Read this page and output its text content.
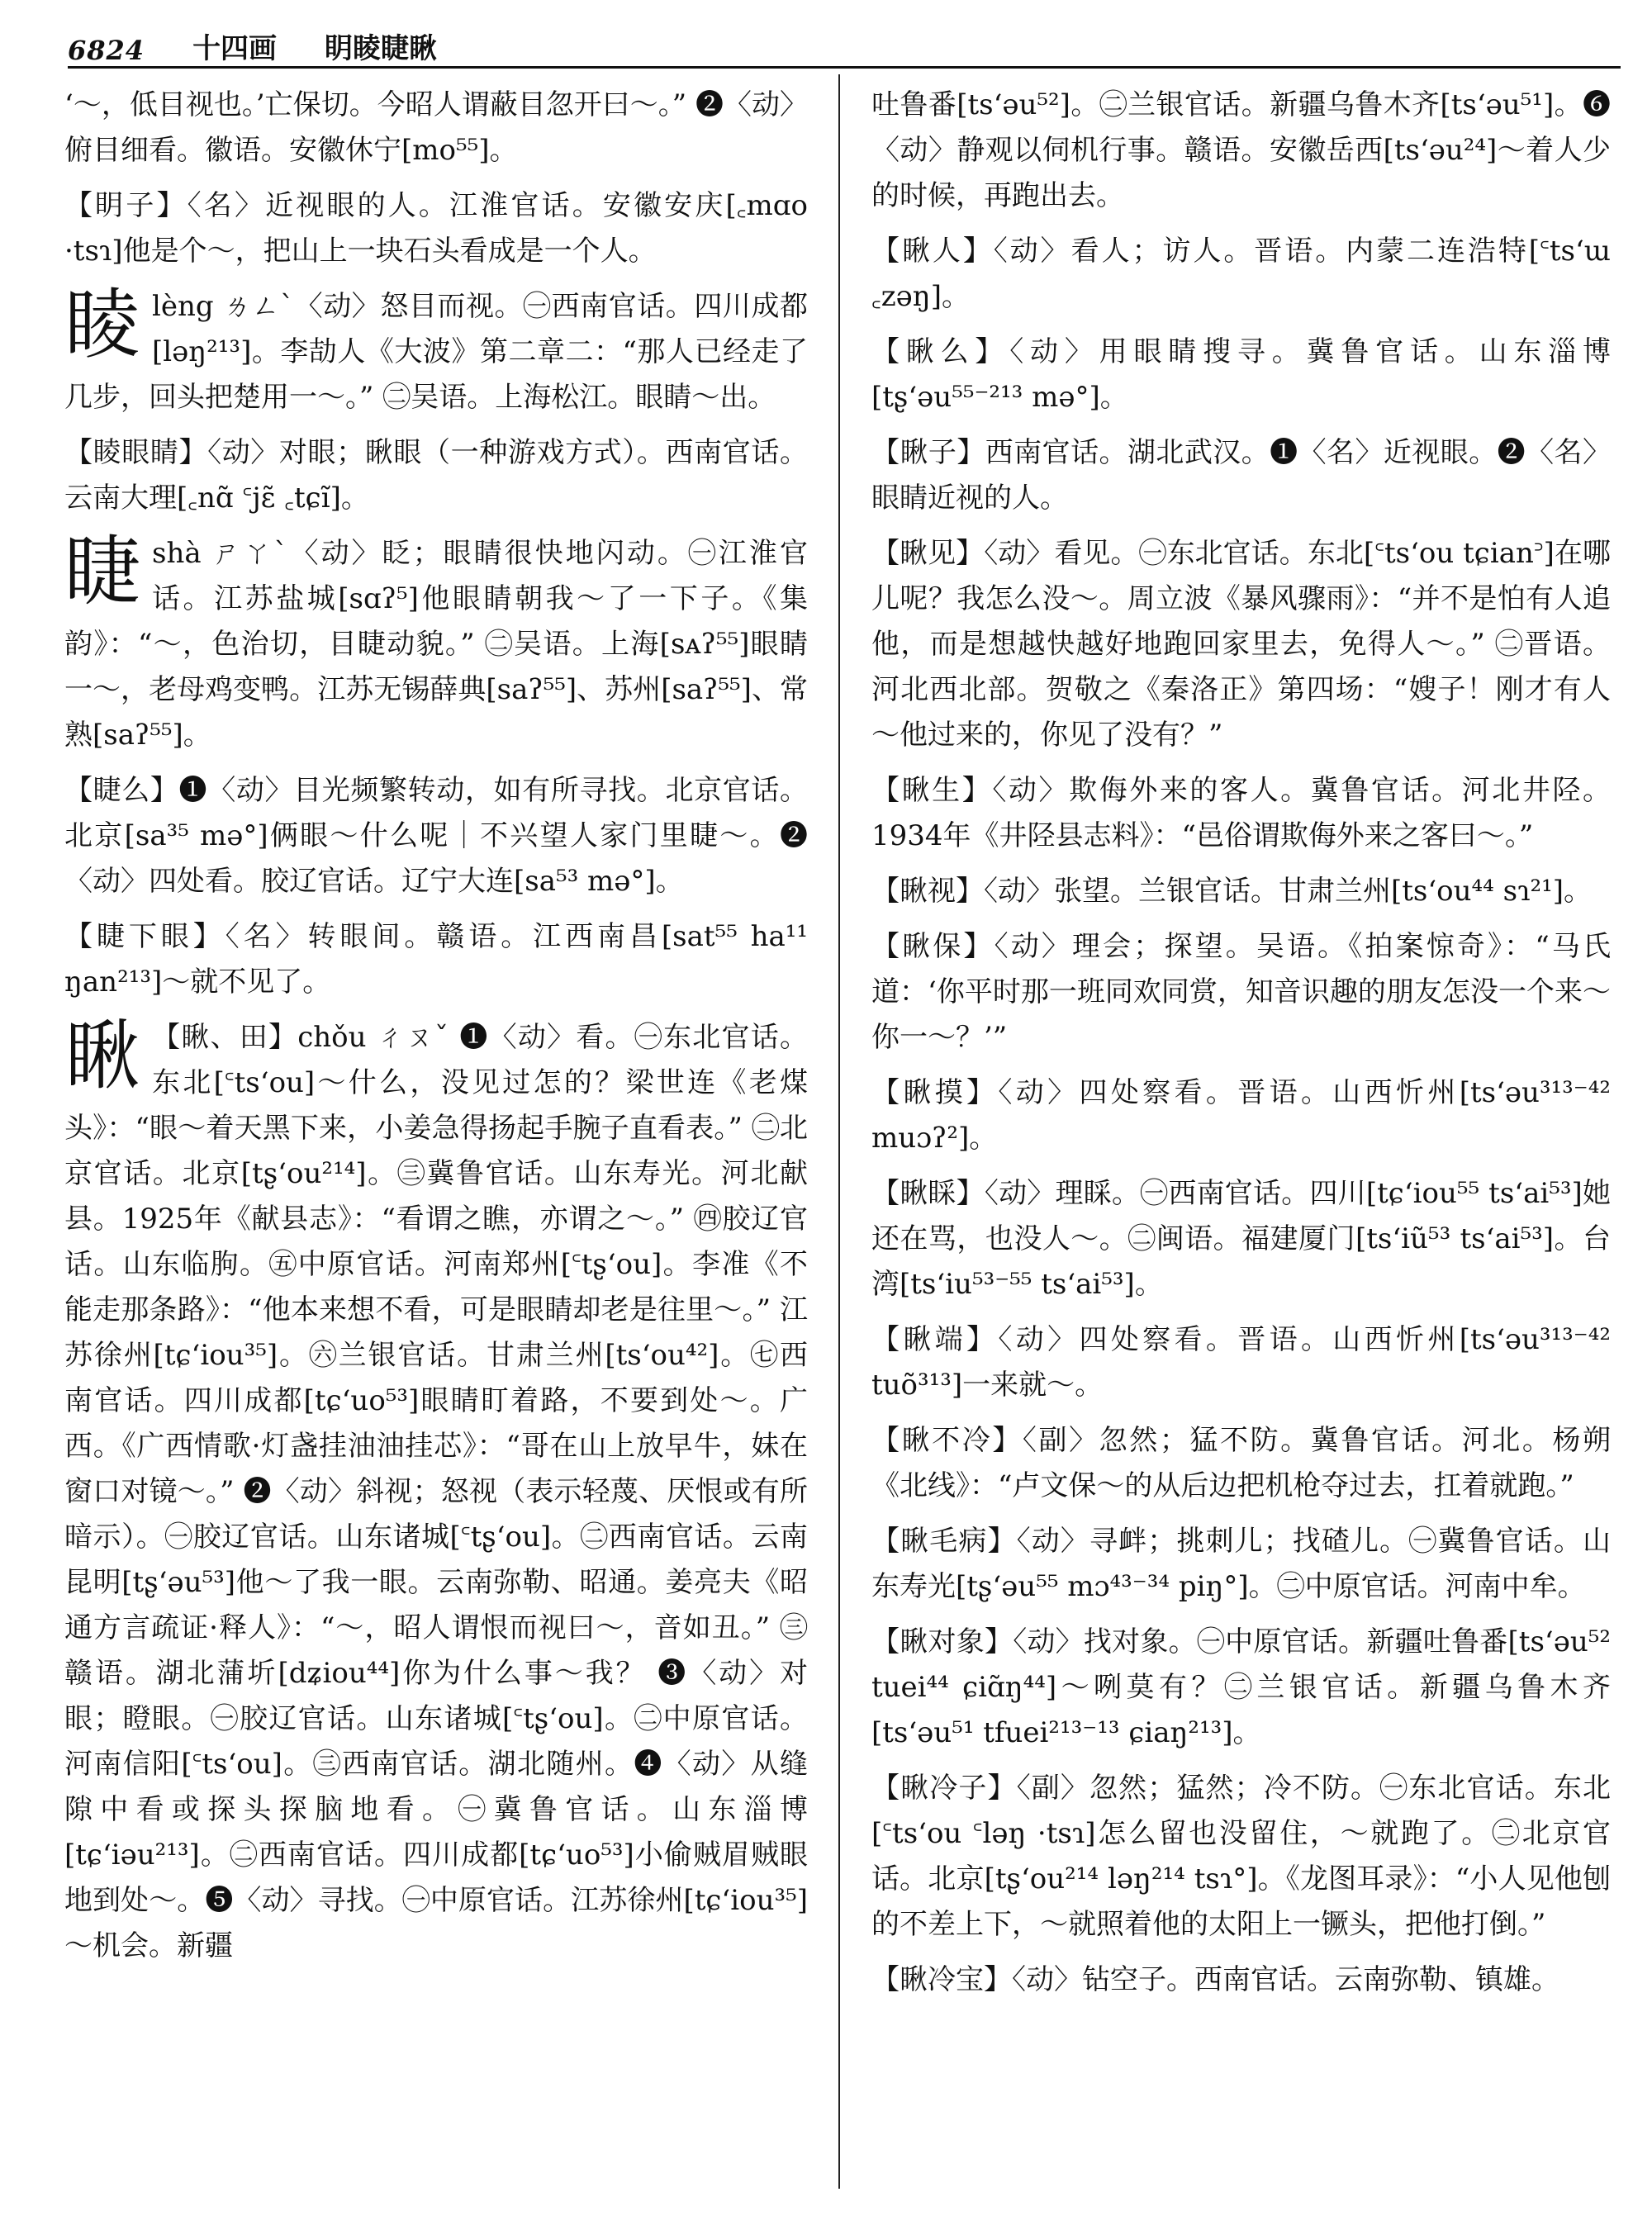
6824 十四画 眀睖睫瞅
‘～，低目视也。’亡保切。今昭人谓蔽目忽开曰～。” ❷〈动〉俯目细看。徽语。安徽休宁[mo⁵⁵]。
【眀子】〈名〉近视眼的人。江淮官话。安徽安庆[꜀mɑo ·tsɿ]他是个～，把山上一块石头看成是一个人。
睖lèng ㄌㄥˋ〈动〉怒目而视。㊀西南官话。四川成都[ləŋ²¹³]。李劼人《大波》第二章二：“那人已经走了几步，回头把楚用一～。” ㊁吴语。上海松江。眼睛～出。
【睖眼睛】〈动〉对眼；瞅眼（一种游戏方式）。西南官话。云南大理[꜀nɑ̃ ꜂jɛ̃ ꜀tɕĩ]。
睫shà ㄕㄚˋ〈动〉眨；眼睛很快地闪动。㊀江淮官话。江苏盐城[sɑʔ⁵]他眼睛朝我～了一下子。《集韵》：“～，色治切，目睫动貌。” ㊁吴语。上海[sᴀʔ⁵⁵]眼睛一～，老母鸡变鸭。江苏无锡薛典[saʔ⁵⁵]、苏州[saʔ⁵⁵]、常熟[saʔ⁵⁵]。
【睫么】❶〈动〉目光频繁转动，如有所寻找。北京官话。北京[sa³⁵ mə°]俩眼～什么呢｜不兴望人家门里睫～。❷〈动〉四处看。胶辽官话。辽宁大连[sa⁵³ mə°]。
【睫下眼】〈名〉转眼间。赣语。江西南昌[sat⁵⁵ ha¹¹ ŋan²¹³]～就不见了。
瞅 【瞅、田】chǒu ㄔㄡˇ ❶〈动〉看。㊀东北官话。东北[꜂tsʻou]～什么，没见过怎的？梁世连《老煤头》：“眼～着天黑下来，小姜急得扬起手腕子直看表。” ㊁北京官话。北京[tʂʻou²¹⁴]。㊂冀鲁官话。山东寿光。河北献县。1925年《献县志》：“看谓之瞧，亦谓之～。” ㊃胶辽官话。山东临朐。㊄中原官话。河南郑州[꜂tʂʻou]。李准《不能走那条路》：“他本来想不看，可是眼睛却老是往里～。” 江苏徐州[tɕʻiou³⁵]。㊅兰银官话。甘肃兰州[tsʻou⁴²]。㊆西南官话。四川成都[tɕʻuo⁵³]眼睛盯着路，不要到处～。广西。《广西情歌·灯盏挂油油挂芯》：“哥在山上放早牛，妹在窗口对镜～。” ❷〈动〉斜视；怒视（表示轻蔑、厌恨或有所暗示）。㊀胶辽官话。山东诸城[꜂tʂʻou]。㊁西南官话。云南昆明[tʂʻəu⁵³]他～了我一眼。云南弥勒、昭通。姜亮夫《昭通方言疏证·释人》：“～，昭人谓恨而视曰～，音如丑。” ㊂赣语。湖北蒲圻[dʑiou⁴⁴]你为什么事～我？ ❸〈动〉对眼；瞪眼。㊀胶辽官话。山东诸城[꜂tʂʻou]。㊁中原官话。河南信阳[꜂tsʻou]。㊂西南官话。湖北随州。❹〈动〉从缝隙中看或探头探脑地看。㊀冀鲁官话。山东淄博[tɕʻiəu²¹³]。㊁西南官话。四川成都[tɕʻuo⁵³]小偷贼眉贼眼地到处～。❺〈动〉寻找。㊀中原官话。江苏徐州[tɕʻiou³⁵]～机会。新疆
吐鲁番[tsʻəu⁵²]。㊁兰银官话。新疆乌鲁木齐[tsʻəu⁵¹]。❻〈动〉静观以伺机行事。赣语。安徽岳西[tsʻəu²⁴]～着人少的时候，再跑出去。
【瞅人】〈动〉看人；访人。晋语。内蒙二连浩特[꜂tsʻɯ ꜀zəŋ]。
【瞅么】〈动〉用眼睛搜寻。冀鲁官话。山东淄博[tʂʻəu⁵⁵⁻²¹³ mə°]。
【瞅子】西南官话。湖北武汉。❶〈名〉近视眼。❷〈名〉眼睛近视的人。
【瞅见】〈动〉看见。㊀东北官话。东北[꜂tsʻou tɕian꜄]在哪儿呢？我怎么没～。周立波《暴风骤雨》：“并不是怕有人追他，而是想越快越好地跑回家里去，免得人～。” ㊁晋语。河北西北部。贺敬之《秦洛正》第四场：“嫂子！刚才有人～他过来的，你见了没有？”
【瞅生】〈动〉欺侮外来的客人。冀鲁官话。河北井陉。1934年《井陉县志料》：“邑俗谓欺侮外来之客曰～。”
【瞅视】〈动〉张望。兰银官话。甘肃兰州[tsʻou⁴⁴ sɿ²¹]。
【瞅保】〈动〉理会；探望。吴语。《拍案惊奇》：“马氏道：‘你平时那一班同欢同赏，知音识趣的朋友怎没一个来～你一～？’”
【瞅摸】〈动〉四处察看。晋语。山西忻州[tsʻəu³¹³⁻⁴² muɔʔ²]。
【瞅睬】〈动〉理睬。㊀西南官话。四川[tɕʻiou⁵⁵ tsʻai⁵³]她还在骂，也没人～。㊁闽语。福建厦门[tsʻiũ⁵³ tsʻai⁵³]。台湾[tsʻiu⁵³⁻⁵⁵ tsʻai⁵³]。
【瞅端】〈动〉四处察看。晋语。山西忻州[tsʻəu³¹³⁻⁴² tuõ³¹³]一来就～。
【瞅不冷】〈副〉忽然；猛不防。冀鲁官话。河北。杨朔《北线》：“卢文保～的从后边把机枪夺过去，扛着就跑。”
【瞅毛病】〈动〉寻衅；挑刺儿；找碴儿。㊀冀鲁官话。山东寿光[tʂʻəu⁵⁵ mɔ⁴³⁻³⁴ piŋ°]。㊁中原官话。河南中牟。
【瞅对象】〈动〉找对象。㊀中原官话。新疆吐鲁番[tsʻəu⁵² tuei⁴⁴ ɕiɑ̃ŋ⁴⁴]～咧莫有？㊁兰银官话。新疆乌鲁木齐[tsʻəu⁵¹ tfuei²¹³⁻¹³ ɕiaŋ²¹³]。
【瞅冷子】〈副〉忽然；猛然；冷不防。㊀东北官话。东北[꜂tsʻou ꜂ləŋ ·tsɿ]怎么留也没留住，～就跑了。㊁北京官话。北京[tʂʻou²¹⁴ ləŋ²¹⁴ tsɿ°]。《龙图耳录》：“小人见他刨的不差上下，～就照着他的太阳上一镢头，把他打倒。”
【瞅冷宝】〈动〉钻空子。西南官话。云南弥勒、镇雄。
